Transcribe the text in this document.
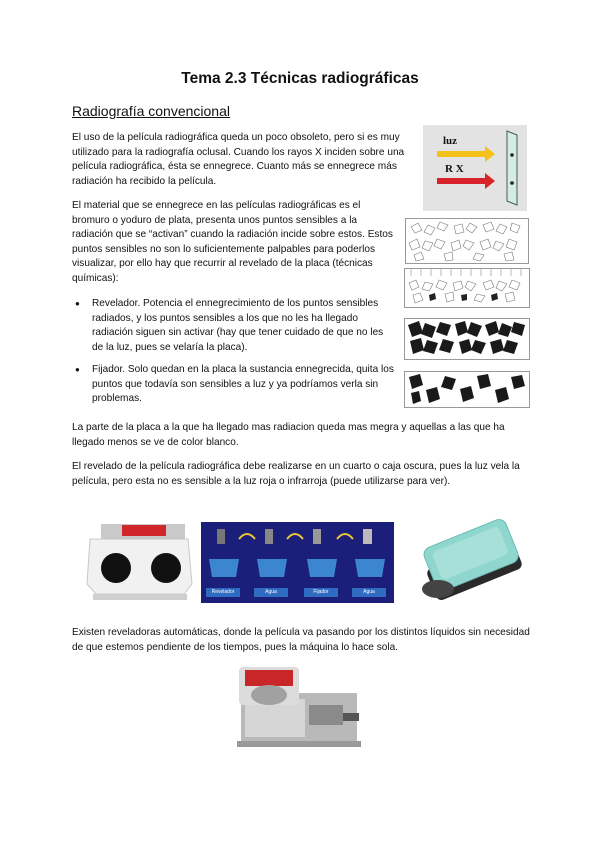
Tema 2.3 Técnicas radiográficas
Radiografía convencional
El uso de la película radiográfica queda un poco obsoleto, pero si es muy utilizado para la radiografía oclusal. Cuando los rayos X inciden sobre una película radiográfica, ésta se ennegrece. Cuanto más se ennegrece más radiación ha recibido la película.
luz
R X
El material que se ennegrece en las películas radiográficas es el bromuro o yoduro de plata, presenta unos puntos sensibles a la radiación que se “activan” cuando la radiación incide sobre estos. Estos puntos sensibles no son lo suficientemente palpables para poderlos visualizar, por ello hay que recurrir al revelado de la placa (técnicas químicas):
● Revelador. Potencia el ennegrecimiento de los puntos sensibles radiados, y los puntos sensibles a los que no les ha llegado radiación siguen sin activar (hay que tener cuidado de que no les de la luz, pues se velaría la placa).
● Fijador. Solo quedan en la placa la sustancia ennegrecida, quita los puntos que todavía son sensibles a luz y ya podríamos verla sin problemas.
La parte de la placa a la que ha llegado mas radiacion queda mas megra y aquellas a las que ha llegado menos se ve de color blanco.
El revelado de la película radiográfica debe realizarse en un cuarto o caja oscura, pues la luz vela la película, pero esta no es sensible a la luz roja o infrarroja (puede utilizarse para ver).
Revelador	Agua	Fijador	Agua
Existen reveladoras automáticas, donde la película va pasando por los distintos líquidos sin necesidad de que estemos pendiente de los tiempos, pues la máquina lo hace sola.
